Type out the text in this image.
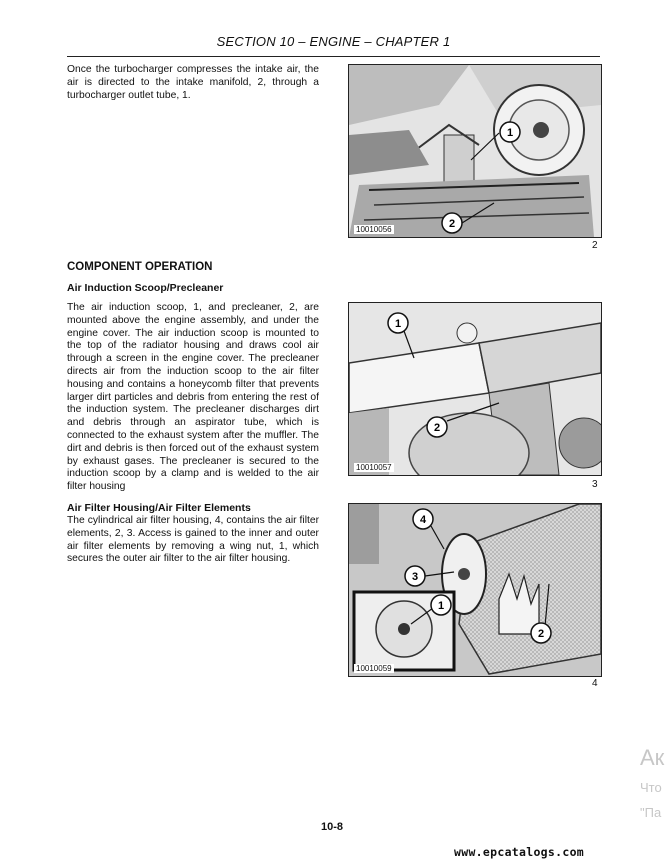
SECTION 10 – ENGINE – CHAPTER 1
Once the turbocharger compresses the intake air, the air is directed to the intake manifold, 2, through a turbocharger outlet tube, 1.
1
2
10010056
2
COMPONENT OPERATION
Air Induction Scoop/Precleaner
The air induction scoop, 1, and precleaner, 2, are mounted above the engine assembly, and under the engine cover. The air induction scoop is mounted to the top of the radiator housing and draws cool air through a screen in the engine cover. The precleaner directs air from the induction scoop to the air filter housing and contains a honeycomb filter that prevents larger dirt particles and debris from entering the rest of the induction system. The precleaner discharges dirt and debris through an aspirator tube, which is connected to the exhaust system after the muffler. The dirt and debris is then forced out of the exhaust system by exhaust gases. The precleaner is secured to the induction scoop by a clamp and is welded to the air filter housing
1
2
10010057
3
Air Filter Housing/Air Filter Elements
The cylindrical air filter housing, 4, contains the air filter elements, 2, 3. Access is gained to the inner and outer air filter elements by removing a wing nut, 1, which secures the outer air filter to the air filter housing.
4
3
1
2
10010059
4
Ак
Что
"Па
10-8
www.epcatalogs.com
